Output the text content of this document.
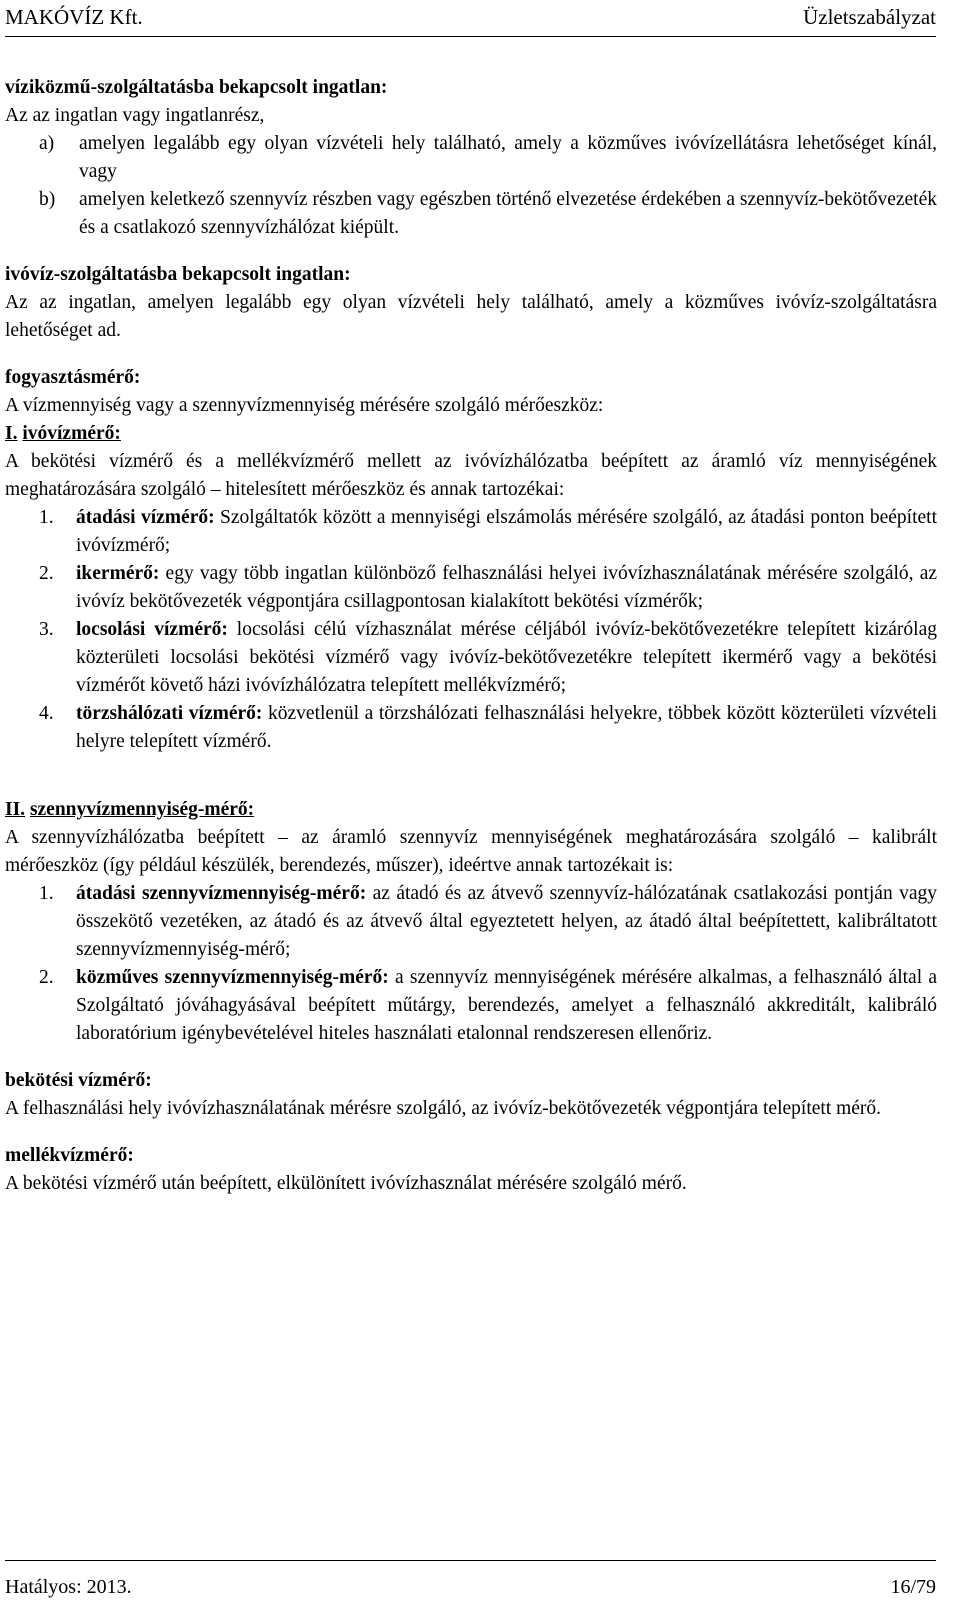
MAKÓVÍZ Kft.	Üzletszabályzat

víziközmű-szolgáltatásba bekapcsolt ingatlan:

Az az ingatlan vagy ingatlanrész,

a)	amelyen legalább egy olyan vízvételi hely található, amely a közműves ivóvízellátásra lehetőséget kínál, vagy
b)	amelyen keletkező szennyvíz részben vagy egészben történő elvezetése érdekében a szennyvíz-bekötővezeték és a csatlakozó szennyvízhálózat kiépült.

ivóvíz-szolgáltatásba bekapcsolt ingatlan:

Az az ingatlan, amelyen legalább egy olyan vízvételi hely található, amely a közműves ivóvíz-szolgáltatásra lehetőséget ad.

fogyasztásmérő:

A vízmennyiség vagy a szennyvízmennyiség mérésére szolgáló mérőeszköz:

I. ivóvízmérő:

A bekötési vízmérő és a mellékvízmérő mellett az ivóvízhálózatba beépített az áramló víz mennyiségének meghatározására szolgáló – hitelesített mérőeszköz és annak tartozékai:

1.	átadási vízmérő: Szolgáltatók között a mennyiségi elszámolás mérésére szolgáló, az átadási ponton beépített ivóvízmérő;
2.	ikermérő: egy vagy több ingatlan különböző felhasználási helyei ivóvízhasználatának mérésére szolgáló, az ivóvíz bekötővezeték végpontjára csillagpontosan kialakított bekötési vízmérők;
3.	locsolási vízmérő: locsolási célú vízhasználat mérése céljából ivóvíz-bekötővezetékre telepített kizárólag közterületi locsolási bekötési vízmérő vagy ivóvíz-bekötővezetékre telepített ikermérő vagy a bekötési vízmérőt követő házi ivóvízhálózatra telepített mellékvízmérő;
4.	törzshálózati vízmérő: közvetlenül a törzshálózati felhasználási helyekre, többek között közterületi vízvételi helyre telepített vízmérő.

II. szennyvízmennyiség-mérő:

A szennyvízhálózatba beépített – az áramló szennyvíz mennyiségének meghatározására szolgáló – kalibrált mérőeszköz (így például készülék, berendezés, műszer), ideértve annak tartozékait is:

1.	átadási szennyvízmennyiség-mérő: az átadó és az átvevő szennyvíz-hálózatának csatlakozási pontján vagy összekötő vezetéken, az átadó és az átvevő által egyeztetett helyen, az átadó által beépítettett, kalibráltatott szennyvízmennyiség-mérő;
2.	közműves szennyvízmennyiség-mérő: a szennyvíz mennyiségének mérésére alkalmas, a felhasználó által a Szolgáltató jóváhagyásával beépített műtárgy, berendezés, amelyet a felhasználó akkreditált, kalibráló laboratórium igénybevételével hiteles használati etalonnal rendszeresen ellenőriz.

bekötési vízmérő:

A felhasználási hely ivóvízhasználatának mérésre szolgáló, az ivóvíz-bekötővezeték végpontjára telepített mérő.

mellékvízmérő:

A bekötési vízmérő után beépített, elkülönített ivóvízhasználat mérésére szolgáló mérő.

Hatályos: 2013.	16/79
